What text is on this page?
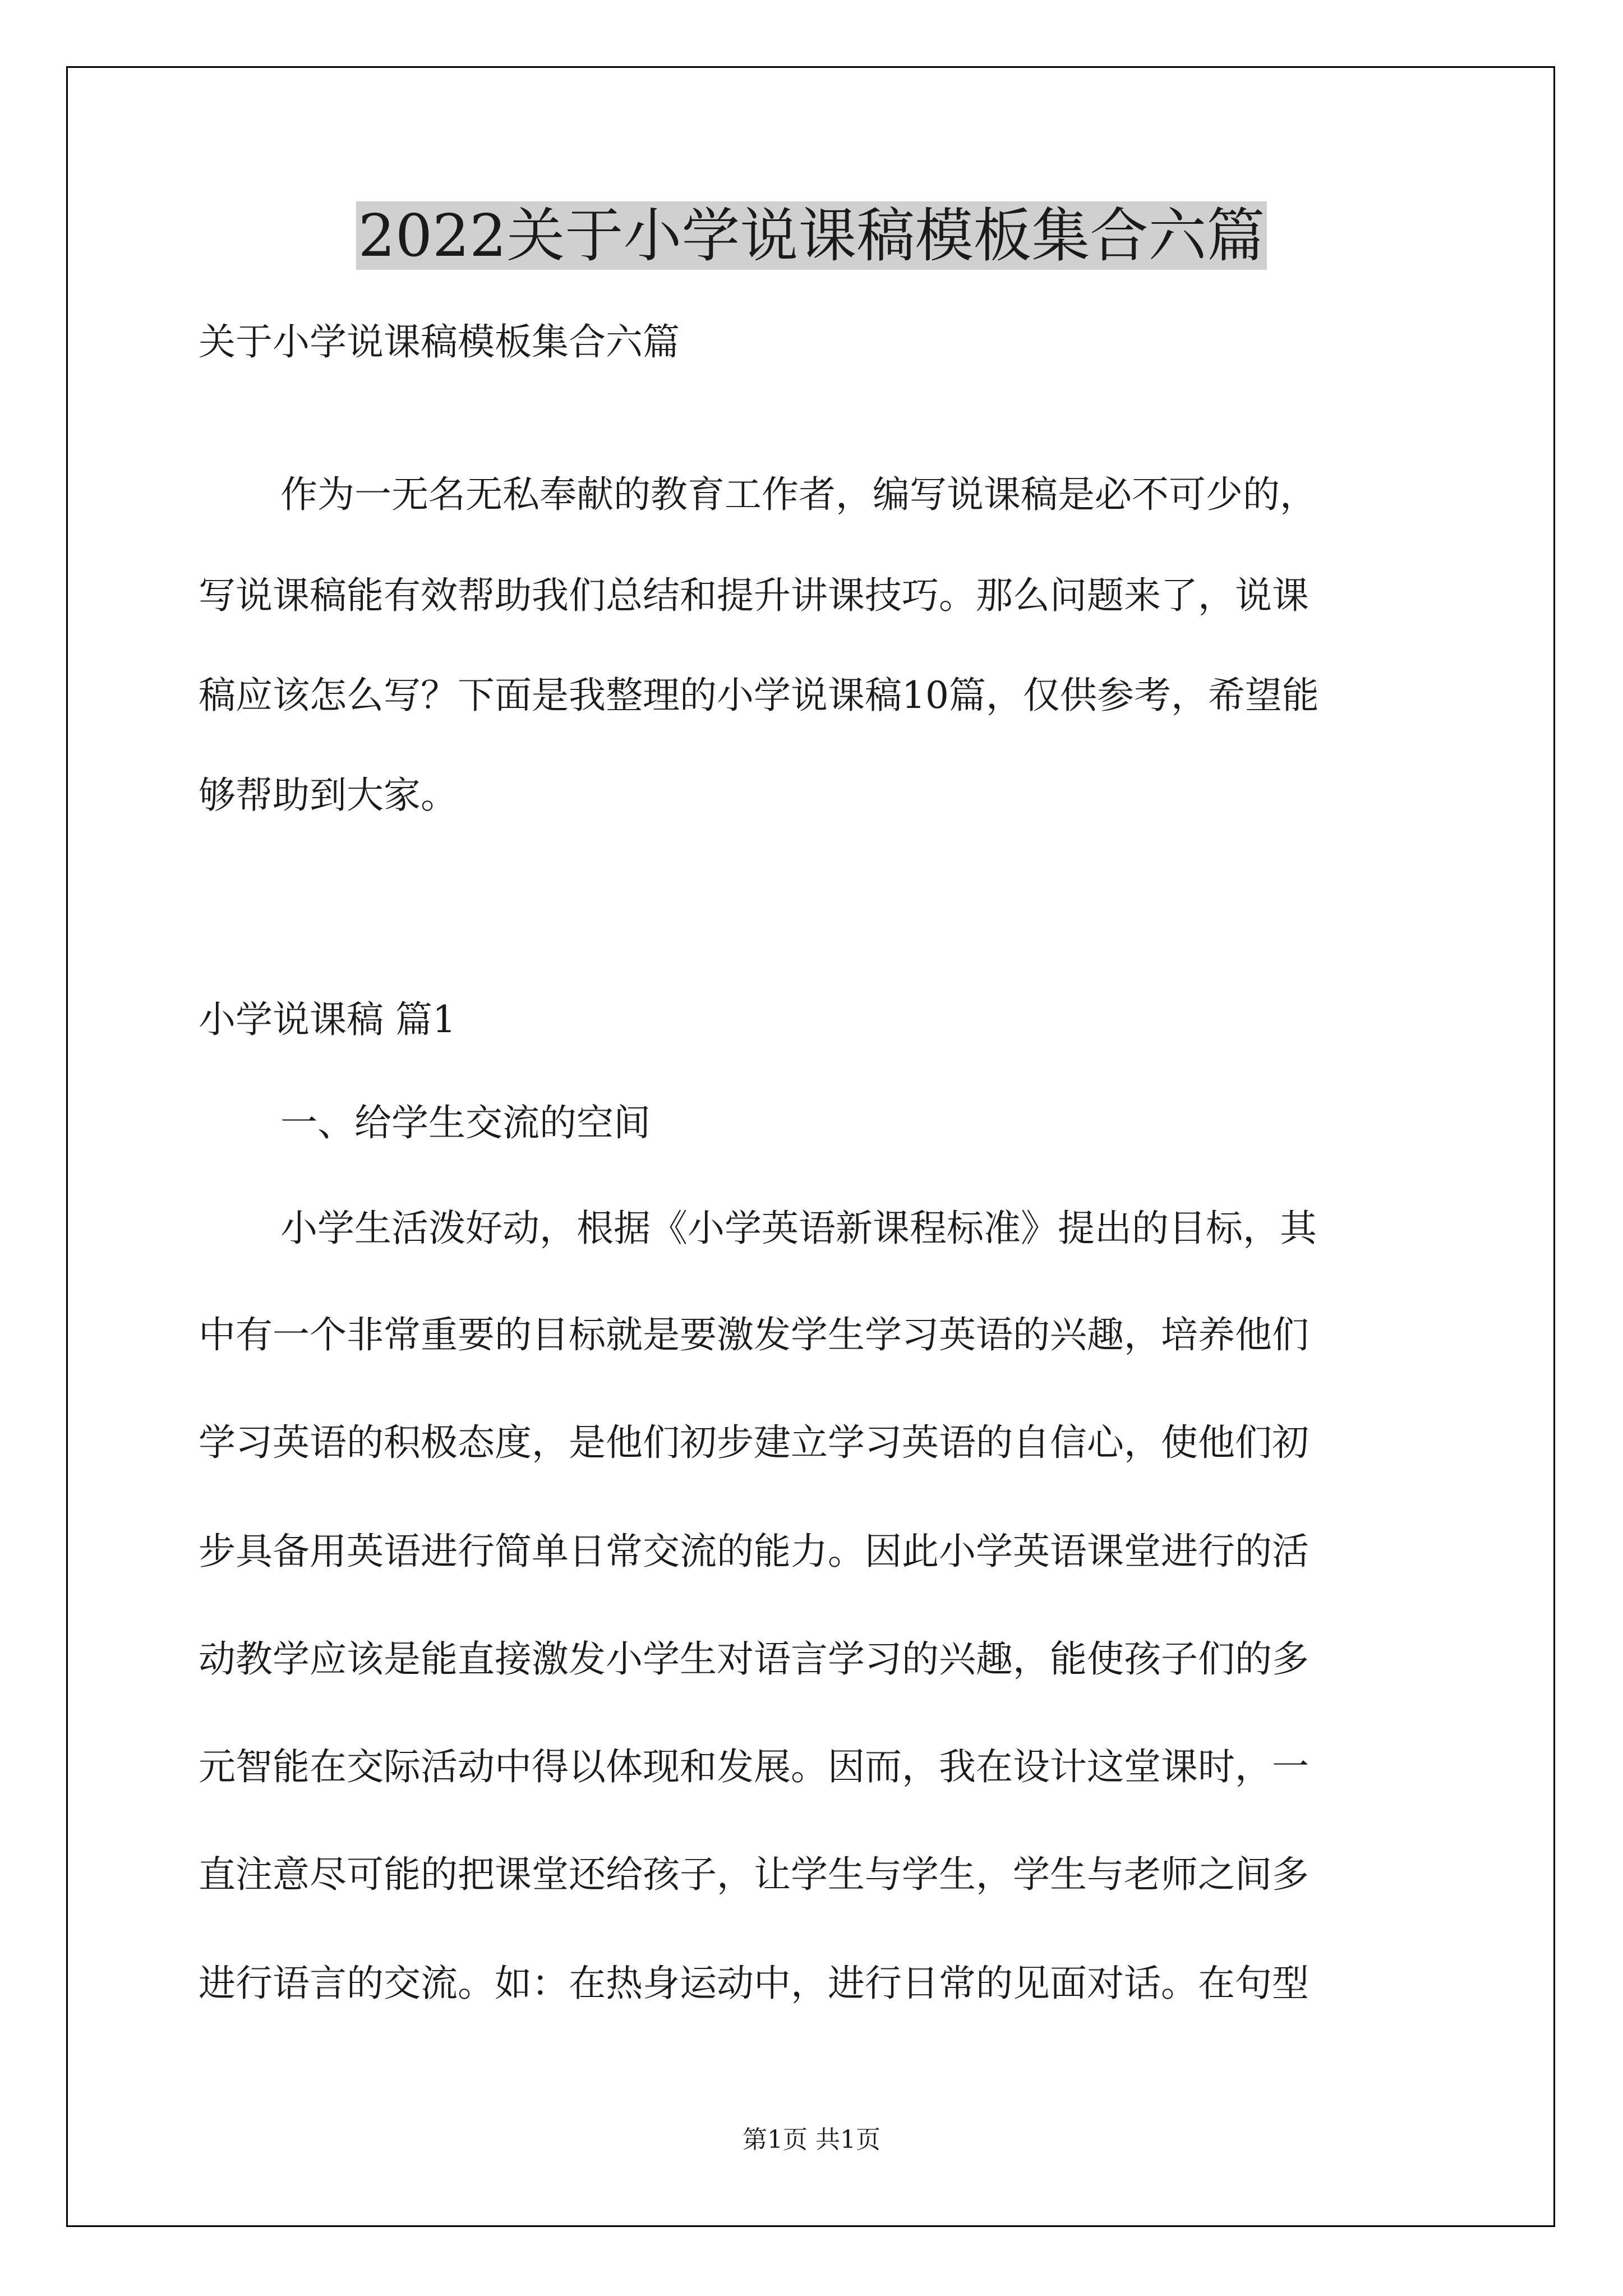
2022关于小学说课稿模板集合六篇

关于小学说课稿模板集合六篇

作为一无名无私奉献的教育工作者，编写说课稿是必不可少的，

写说课稿能有效帮助我们总结和提升讲课技巧。那么问题来了，说课

稿应该怎么写？下面是我整理的小学说课稿10篇，仅供参考，希望能

够帮助到大家。

小学说课稿 篇1

一、给学生交流的空间

小学生活泼好动，根据《小学英语新课程标准》提出的目标，其

中有一个非常重要的目标就是要激发学生学习英语的兴趣，培养他们

学习英语的积极态度，是他们初步建立学习英语的自信心，使他们初

步具备用英语进行简单日常交流的能力。因此小学英语课堂进行的活

动教学应该是能直接激发小学生对语言学习的兴趣，能使孩子们的多

元智能在交际活动中得以体现和发展。因而，我在设计这堂课时，一

直注意尽可能的把课堂还给孩子，让学生与学生，学生与老师之间多

进行语言的交流。如：在热身运动中，进行日常的见面对话。在句型

第1页 共1页
